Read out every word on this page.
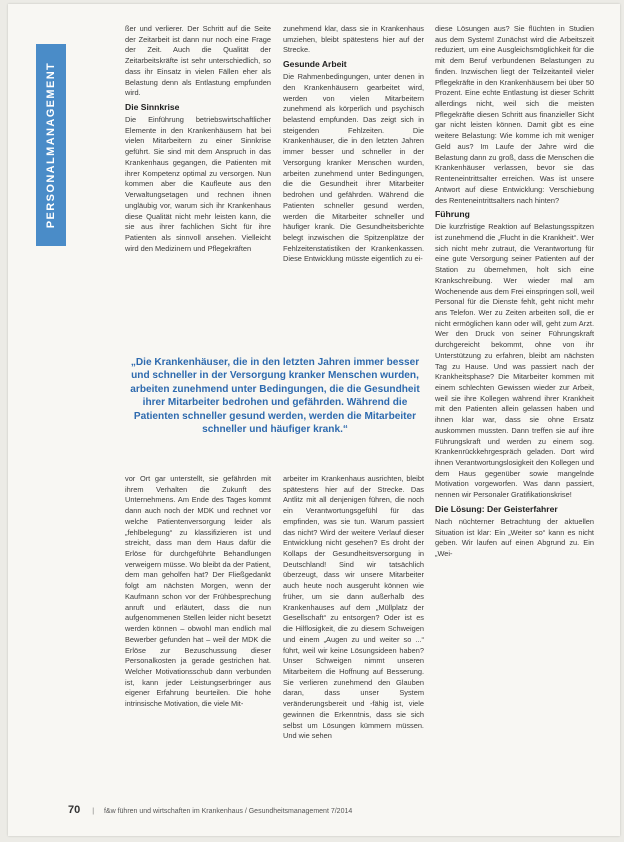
PERSONALMANAGEMENT

ßer und verlierer. Der Schritt auf die Seite der Zeitarbeit ist dann nur noch eine Frage der Zeit. Auch die Qualität der Zeitarbeitskräfte ist sehr unterschiedlich, so dass ihr Einsatz in vielen Fällen eher als Belastung denn als Entlastung empfunden wird.

Die Sinnkrise

Die Einführung betriebswirtschaftlicher Elemente in den Krankenhäusern hat bei vielen Mitarbeitern zu einer Sinnkrise geführt. Sie sind mit dem Anspruch in das Krankenhaus gegangen, die Patienten mit ihrer Kompetenz optimal zu versorgen. Nun kommen aber die Kaufleute aus den Verwaltungsetagen und rechnen ihnen ungläubig vor, warum sich ihr Krankenhaus diese Qualität nicht mehr leisten kann, die sie aus ihrer fachlichen Sicht für ihre Patienten als sinnvoll ansehen. Vielleicht wird den Medizinern und Pflegekräften

zunehmend klar, dass sie in Krankenhaus umziehen, bleibt spätestens hier auf der Strecke.

Gesunde Arbeit

Die Rahmenbedingungen, unter denen in den Krankenhäusern gearbeitet wird, werden von vielen Mitarbeitern zunehmend als körperlich und psychisch belastend empfunden. Das zeigt sich in steigenden Fehlzeiten. Die Krankenhäuser, die in den letzten Jahren immer besser und schneller in der Versorgung kranker Menschen wurden, arbeiten zunehmend unter Bedingungen, die die Gesundheit ihrer Mitarbeiter bedrohen und gefährden. Während die Patienten schneller gesund werden, werden die Mitarbeiter schneller und häufiger krank. Die Gesundheitsberichte belegt inzwischen die Spitzenplätze der Fehlzeitenstatistiken der Krankenkassen. Diese Entwicklung müsste eigentlich zu ei-

diese Lösungen aus? Sie flüchten in Studien aus dem System! Zunächst wird die Arbeitszeit reduziert, um eine Ausgleichsmöglichkeit für die mit dem Beruf verbundenen Belastungen zu finden. Inzwischen liegt der Teilzeitanteil vieler Pflegekräfte in den Krankenhäusern bei über 50 Prozent. Eine echte Entlastung ist dieser Schritt allerdings nicht, weil sich die meisten Pflegekräfte diesen Schritt aus finanzieller Sicht gar nicht leisten können. Damit gibt es eine weitere Belastung: Wie komme ich mit weniger Geld aus? Im Laufe der Jahre wird die Belastung dann zu groß, dass die Menschen die Krankenhäuser verlassen, bevor sie das Renteneintrittsalter erreichen. Was ist unsere Antwort auf diese Entwicklung: Verschiebung des Renteneintrittsalters nach hinten?

Führung

Die kurzfristige Reaktion auf Belastungsspitzen ist zunehmend die „Flucht in die Krankheit“. Wer sich nicht mehr zutraut, die Verantwortung für eine gute Versorgung seiner Patienten auf der Station zu übernehmen, holt sich eine Krankschreibung. Wer wieder mal am Wochenende aus dem Frei einspringen soll, weil Personal für die Dienste fehlt, geht nicht mehr ans Telefon. Wer zu Zeiten arbeiten soll, die er nicht ermöglichen kann oder will, geht zum Arzt. Wer den Druck von seiner Führungskraft durchgereicht bekommt, ohne von ihr Unterstützung zu erfahren, bleibt am nächsten Tag zu Hause. Und was passiert nach der Krankheitsphase? Die Mitarbeiter kommen mit einem schlechten Gewissen wieder zur Arbeit, weil sie ihre Kollegen während ihrer Krankheit mit den Patienten allein gelassen haben und ihnen klar war, dass sie ohne Ersatz auskommen mussten. Dann treffen sie auf ihre Führungskraft und werden zu einem sog. Krankenrückkehrgespräch geladen. Dort wird ihnen Verantwortungslosigkeit den Kollegen und dem Haus gegenüber sowie mangelnde Motivation vorgeworfen. Was dann passiert, nennen wir Personaler Gratifikationskrise!

Die Lösung: Der Geisterfahrer

Nach nüchterner Betrachtung der aktuellen Situation ist klar: Ein „Weiter so“ kann es nicht geben. Wir laufen auf einen Abgrund zu. Ein „Wei-

„Die Krankenhäuser, die in den letzten Jahren immer besser und schneller in der Versorgung kranker Menschen wurden, arbeiten zunehmend unter Bedingungen, die die Gesundheit ihrer Mitarbeiter bedrohen und gefährden. Während die Patienten schneller gesund werden, werden die Mitarbeiter schneller und häufiger krank.“

vor Ort gar unterstellt, sie gefährden mit ihrem Verhalten die Zukunft des Unternehmens. Am Ende des Tages kommt dann auch noch der MDK und rechnet vor welche Patientenversorgung leider als „fehlbelegung“ zu klassifizieren ist und streicht, dass man dem Haus dafür die Erlöse für durchgeführte Behandlungen verweigern müsse. Wo bleibt da der Patient, dem man geholfen hat? Der Fließgedankt folgt am nächsten Morgen, wenn der Kaufmann schon vor der Frühbesprechung anruft und erläutert, dass die nun aufgenommenen Stellen leider nicht besetzt werden können – obwohl man endlich mal Bewerber gefunden hat – weil der MDK die Erlöse zur Bezuschussung dieser Personalkosten ja gerade gestrichen hat. Welcher Motivationsschub dann verbunden ist, kann jeder Leistungserbringer aus eigener Erfahrung beurteilen. Die hohe intrinsische Motivation, die viele Mit-

arbeiter im Krankenhaus ausrichten, bleibt spätestens hier auf der Strecke. Das Antlitz mit all denjenigen führen, die noch ein Verantwortungsgefühl für das empfinden, was sie tun. Warum passiert das nicht? Wird der weitere Verlauf dieser Entwicklung nicht gesehen? Es droht der Kollaps der Gesundheitsversorgung in Deutschland! Sind wir tatsächlich überzeugt, dass wir unsere Mitarbeiter auch heute noch ausgeruht können wie früher, um sie dann außerhalb des Krankenhauses auf dem „Müllplatz der Gesellschaft“ zu entsorgen? Oder ist es die Hilflosigkeit, die zu diesem Schweigen und einem „Augen zu und weiter so ...“ führt, weil wir keine Lösungsideen haben? Unser Schweigen nimmt unseren Mitarbeitern die Hoffnung auf Besserung. Sie verlieren zunehmend den Glauben daran, dass unser System veränderungsbereit und -fähig ist, viele gewinnen die Erkenntnis, dass sie sich selbst um Lösungen kümmern müssen. Und wie sehen

70 | f&w führen und wirtschaften im Krankenhaus / Gesundheitsmanagement 7/2014
